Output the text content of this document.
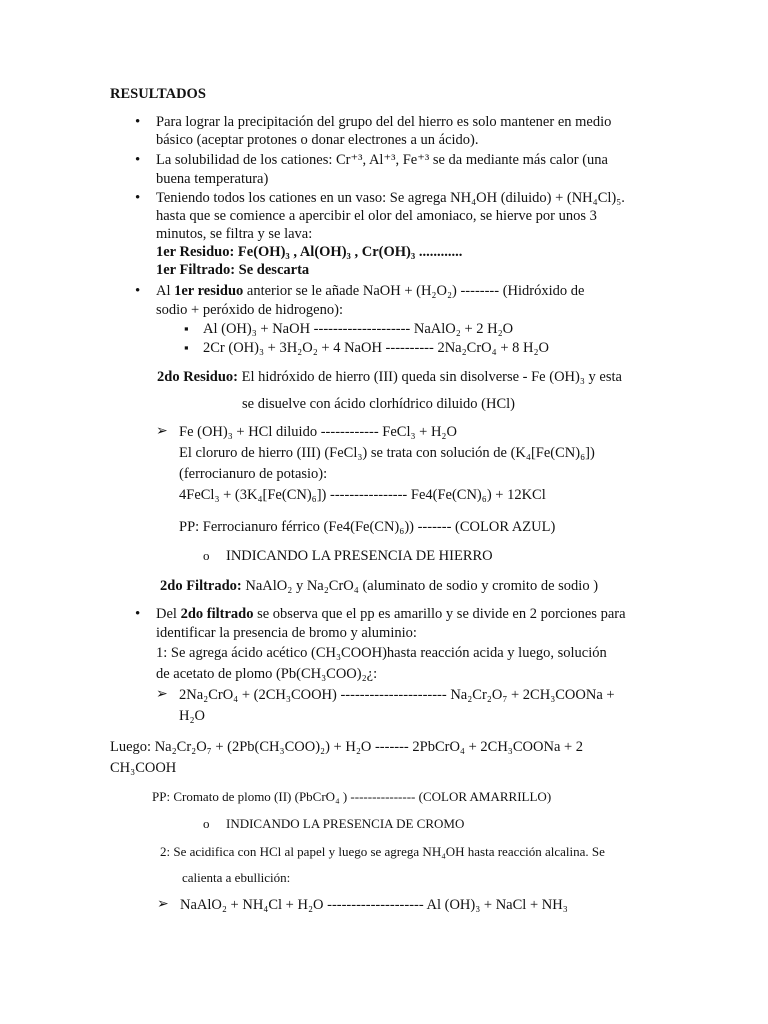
RESULTADOS
• Para lograr la precipitación del grupo del del hierro es solo mantener en medio
básico (aceptar protones o donar electrones a un ácido).
• La solubilidad de los cationes: Cr⁺³, Al⁺³, Fe⁺³ se da mediante más calor (una
buena temperatura)
• Teniendo todos los cationes en un vaso: Se agrega NH₄OH (diluido) + (NH₄Cl)₅.
hasta que se comience a apercibir el olor del amoniaco, se hierve por unos 3
minutos, se filtra y se lava:
1er Residuo: Fe(OH)₃ , Al(OH)₃ , Cr(OH)₃ ............
1er Filtrado: Se descarta
• Al 1er residuo anterior se le añade NaOH + (H₂O₂) -------- (Hidróxido de
sodio + peróxido de hidrogeno):
▪ Al (OH)₃ + NaOH -------------------- NaAlO₂ + 2 H₂O
▪ 2Cr (OH)₃ + 3H₂O₂ + 4 NaOH ---------- 2Na₂CrO₄ + 8 H₂O
2do Residuo: El hidróxido de hierro (III) queda sin disolverse - Fe (OH)₃ y esta
se disuelve con ácido clorhídrico diluido (HCl)
➢ Fe (OH)₃ + HCl diluido ------------ FeCl₃ + H₂O
El cloruro de hierro (III) (FeCl₃) se trata con solución de (K₄[Fe(CN)₆])
(ferrocianuro de potasio):
4FeCl₃ + (3K₄[Fe(CN)₆]) ---------------- Fe4(Fe(CN)₆) + 12KCl
PP: Ferrocianuro férrico (Fe4(Fe(CN)₆)) ------- (COLOR AZUL)
o INDICANDO LA PRESENCIA DE HIERRO
2do Filtrado: NaAlO₂ y Na₂CrO₄ (aluminato de sodio y cromito de sodio )
• Del 2do filtrado se observa que el pp es amarillo y se divide en 2 porciones para
identificar la presencia de bromo y aluminio:
1: Se agrega ácido acético (CH₃COOH)hasta reacción acida y luego, solución
de acetato de plomo (Pb(CH₃COO)₂¿:
➢ 2Na₂CrO₄ + (2CH₃COOH) ---------------------- Na₂Cr₂O₇ + 2CH₃COONa +
H₂O
Luego: Na₂Cr₂O₇ + (2Pb(CH₃COO)₂) + H₂O ------- 2PbCrO₄ + 2CH₃COONa + 2
CH₃COOH
PP: Cromato de plomo (II) (PbCrO₄ ) --------------- (COLOR AMARRILLO)
o INDICANDO LA PRESENCIA DE CROMO
2: Se acidifica con HCl al papel y luego se agrega NH₄OH hasta reacción alcalina. Se
calienta a ebullición:
➢ NaAlO₂ + NH₄Cl + H₂O -------------------- Al (OH)₃ + NaCl + NH₃
